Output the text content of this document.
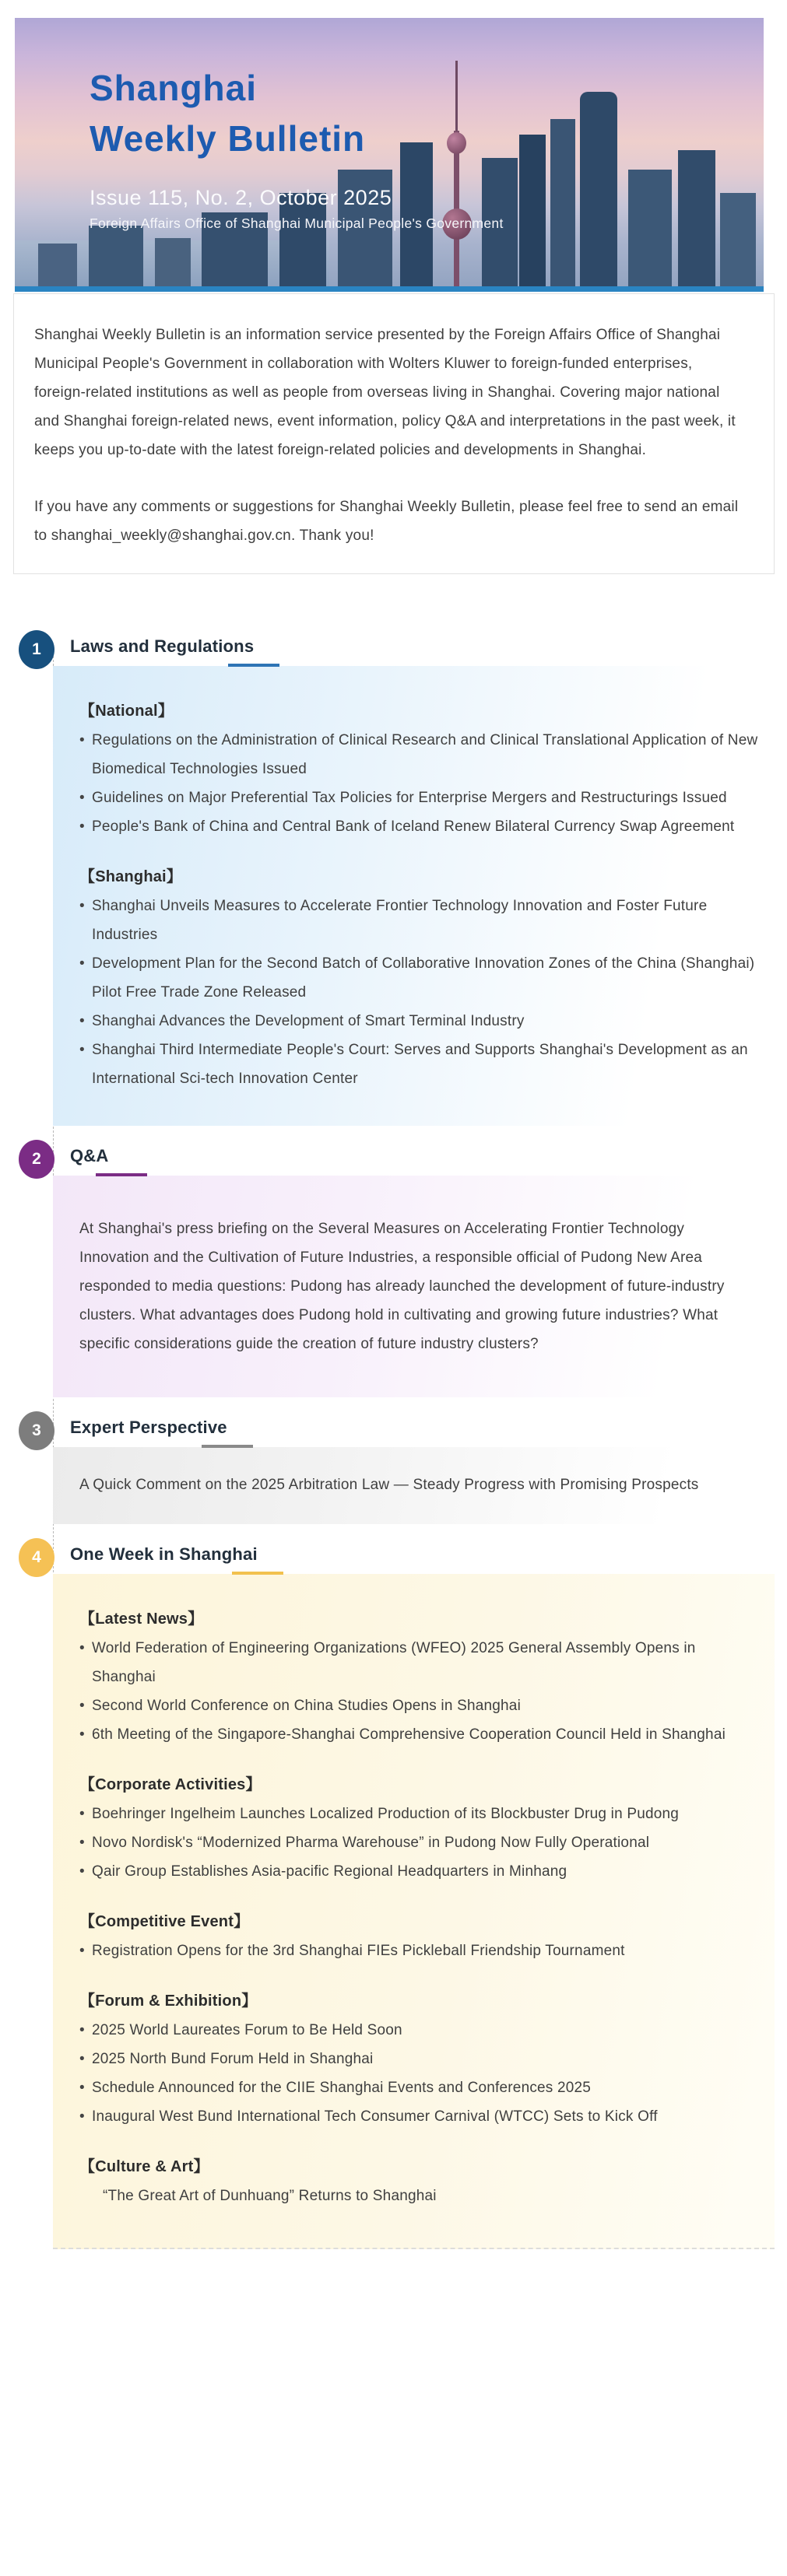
Shanghai
Weekly Bulletin
Issue 115, No. 2, October 2025
Foreign Affairs Office of Shanghai Municipal People's Government

Shanghai Weekly Bulletin is an information service presented by the Foreign Affairs Office of Shanghai Municipal People's Government in collaboration with Wolters Kluwer to foreign-funded enterprises, foreign-related institutions as well as people from overseas living in Shanghai. Covering major national and Shanghai foreign-related news, event information, policy Q&A and interpretations in the past week, it keeps you up-to-date with the latest foreign-related policies and developments in Shanghai.

If you have any comments or suggestions for Shanghai Weekly Bulletin, please feel free to send an email to shanghai_weekly@shanghai.gov.cn. Thank you!

1	Laws and Regulations
【National】
• Regulations on the Administration of Clinical Research and Clinical Translational Application of New Biomedical Technologies Issued
• Guidelines on Major Preferential Tax Policies for Enterprise Mergers and Restructurings Issued
• People's Bank of China and Central Bank of Iceland Renew Bilateral Currency Swap Agreement
【Shanghai】
• Shanghai Unveils Measures to Accelerate Frontier Technology Innovation and Foster Future Industries
• Development Plan for the Second Batch of Collaborative Innovation Zones of the China (Shanghai) Pilot Free Trade Zone Released
• Shanghai Advances the Development of Smart Terminal Industry
• Shanghai Third Intermediate People's Court: Serves and Supports Shanghai's Development as an International Sci-tech Innovation Center
2	Q&A

At Shanghai's press briefing on the Several Measures on Accelerating Frontier Technology Innovation and the Cultivation of Future Industries, a responsible official of Pudong New Area responded to media questions: Pudong has already launched the development of future-industry clusters. What advantages does Pudong hold in cultivating and growing future industries? What specific considerations guide the creation of future industry clusters?

3	Expert Perspective

A Quick Comment on the 2025 Arbitration Law — Steady Progress with Promising Prospects

4	One Week in Shanghai
【Latest News】
• World Federation of Engineering Organizations (WFEO) 2025 General Assembly Opens in Shanghai
• Second World Conference on China Studies Opens in Shanghai
• 6th Meeting of the Singapore-Shanghai Comprehensive Cooperation Council Held in Shanghai
【Corporate Activities】
• Boehringer Ingelheim Launches Localized Production of its Blockbuster Drug in Pudong
• Novo Nordisk's “Modernized Pharma Warehouse” in Pudong Now Fully Operational
• Qair Group Establishes Asia-pacific Regional Headquarters in Minhang
【Competitive Event】
• Registration Opens for the 3rd Shanghai FIEs Pickleball Friendship Tournament
【Forum & Exhibition】
• 2025 World Laureates Forum to Be Held Soon
• 2025 North Bund Forum Held in Shanghai
• Schedule Announced for the CIIE Shanghai Events and Conferences 2025
• Inaugural West Bund International Tech Consumer Carnival (WTCC) Sets to Kick Off
【Culture & Art】
“The Great Art of Dunhuang” Returns to Shanghai
